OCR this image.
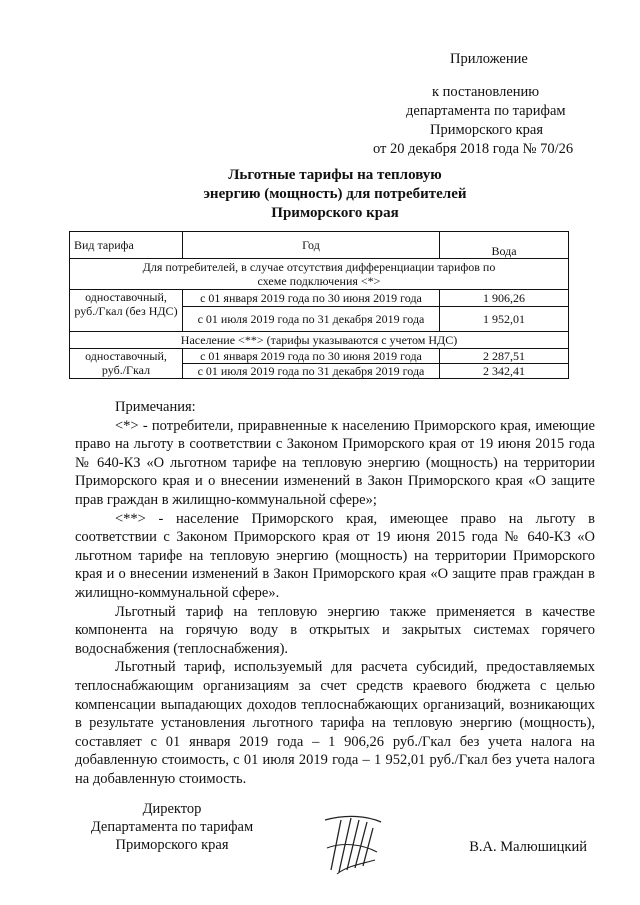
Приложение
к постановлению
департамента по тарифам
Приморского края
от 20 декабря 2018 года № 70/26
Льготные тарифы на тепловую
энергию (мощность) для потребителей
Приморского края
Вид тарифа	Год	Вода
Для потребителей, в случае отсутствия дифференциации тарифов по схеме подключения <*>		
одноставочный, руб./Гкал (без НДС)	с 01 января 2019 года по 30 июня 2019 года	1 906,26
	с 01 июля 2019 года по 31 декабря 2019 года	1 952,01
Население <**> (тарифы указываются с учетом НДС)		
одноставочный, руб./Гкал	с 01 января 2019 года по 30 июня 2019 года	2 287,51
	с 01 июля 2019 года по 31 декабря 2019 года	2 342,41

Примечания:

<*> - потребители, приравненные к населению Приморского края, имеющие право на льготу в соответствии с Законом Приморского края от 19 июня 2015 года № 640-КЗ «О льготном тарифе на тепловую энергию (мощность) на территории Приморского края и о внесении изменений в Закон Приморского края «О защите прав граждан в жилищно-коммунальной сфере»;

<**> - население Приморского края, имеющее право на льготу в соответствии с Законом Приморского края от 19 июня 2015 года № 640-КЗ «О льготном тарифе на тепловую энергию (мощность) на территории Приморского края и о внесении изменений в Закон Приморского края «О защите прав граждан в жилищно-коммунальной сфере».

Льготный тариф на тепловую энергию также применяется в качестве компонента на горячую воду в открытых и закрытых системах горячего водоснабжения (теплоснабжения).

Льготный тариф, используемый для расчета субсидий, предоставляемых теплоснабжающим организациям за счет средств краевого бюджета с целью компенсации выпадающих доходов теплоснабжающих организаций, возникающих в результате установления льготного тарифа на тепловую энергию (мощность), составляет с 01 января 2019 года – 1 906,26 руб./Гкал без учета налога на добавленную стоимость, с 01 июля 2019 года – 1 952,01 руб./Гкал без учета налога на добавленную стоимость.

Директор
Департамента по тарифам
Приморского края	В.А. Малюшицкий
